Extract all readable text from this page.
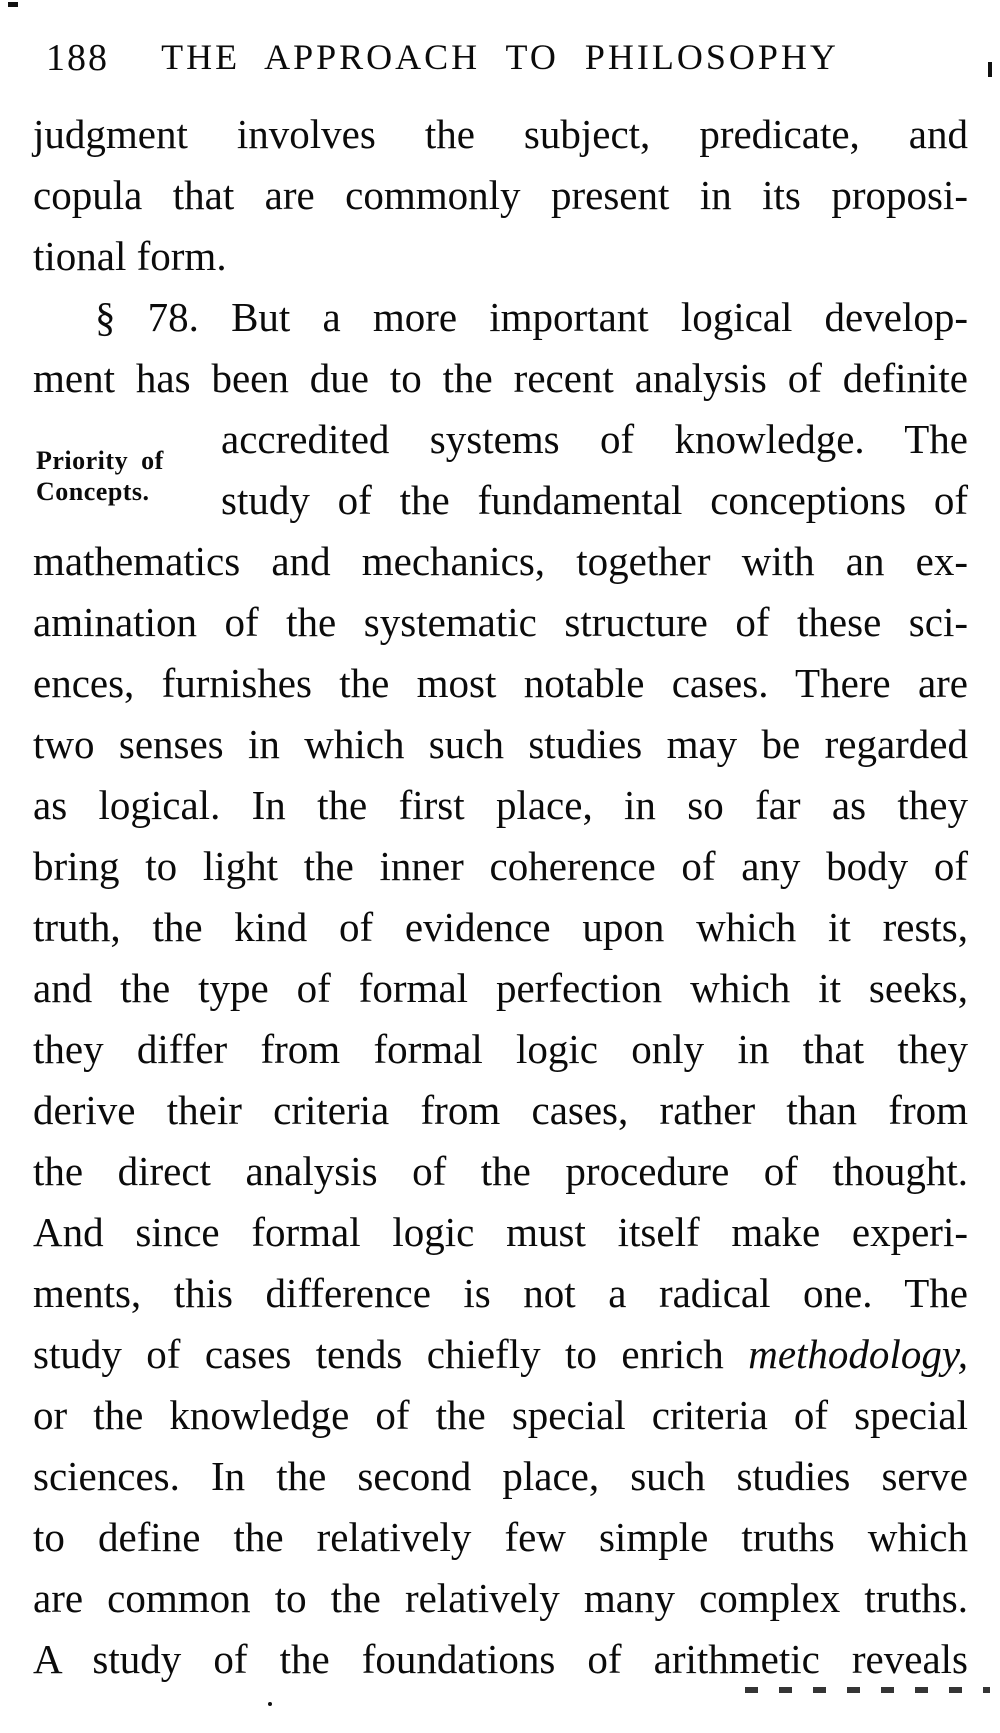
188	THE APPROACH TO PHILOSOPHY
judgment involves the subject, predicate, and
copula that are commonly present in its proposi-
tional form.
§ 78. But a more important logical develop-
ment has been due to the recent analysis of definite
accredited systems of knowledge. The
study of the fundamental conceptions of
mathematics and mechanics, together with an ex-
amination of the systematic structure of these sci-
ences, furnishes the most notable cases. There are
two senses in which such studies may be regarded
as logical. In the first place, in so far as they
bring to light the inner coherence of any body of
truth, the kind of evidence upon which it rests,
and the type of formal perfection which it seeks,
they differ from formal logic only in that they
derive their criteria from cases, rather than from
the direct analysis of the procedure of thought.
And since formal logic must itself make experi-
ments, this difference is not a radical one. The
study of cases tends chiefly to enrich methodology,
or the knowledge of the special criteria of special
sciences. In the second place, such studies serve
to define the relatively few simple truths which
are common to the relatively many complex truths.
A study of the foundations of arithmetic reveals
Priority of
Concepts.
